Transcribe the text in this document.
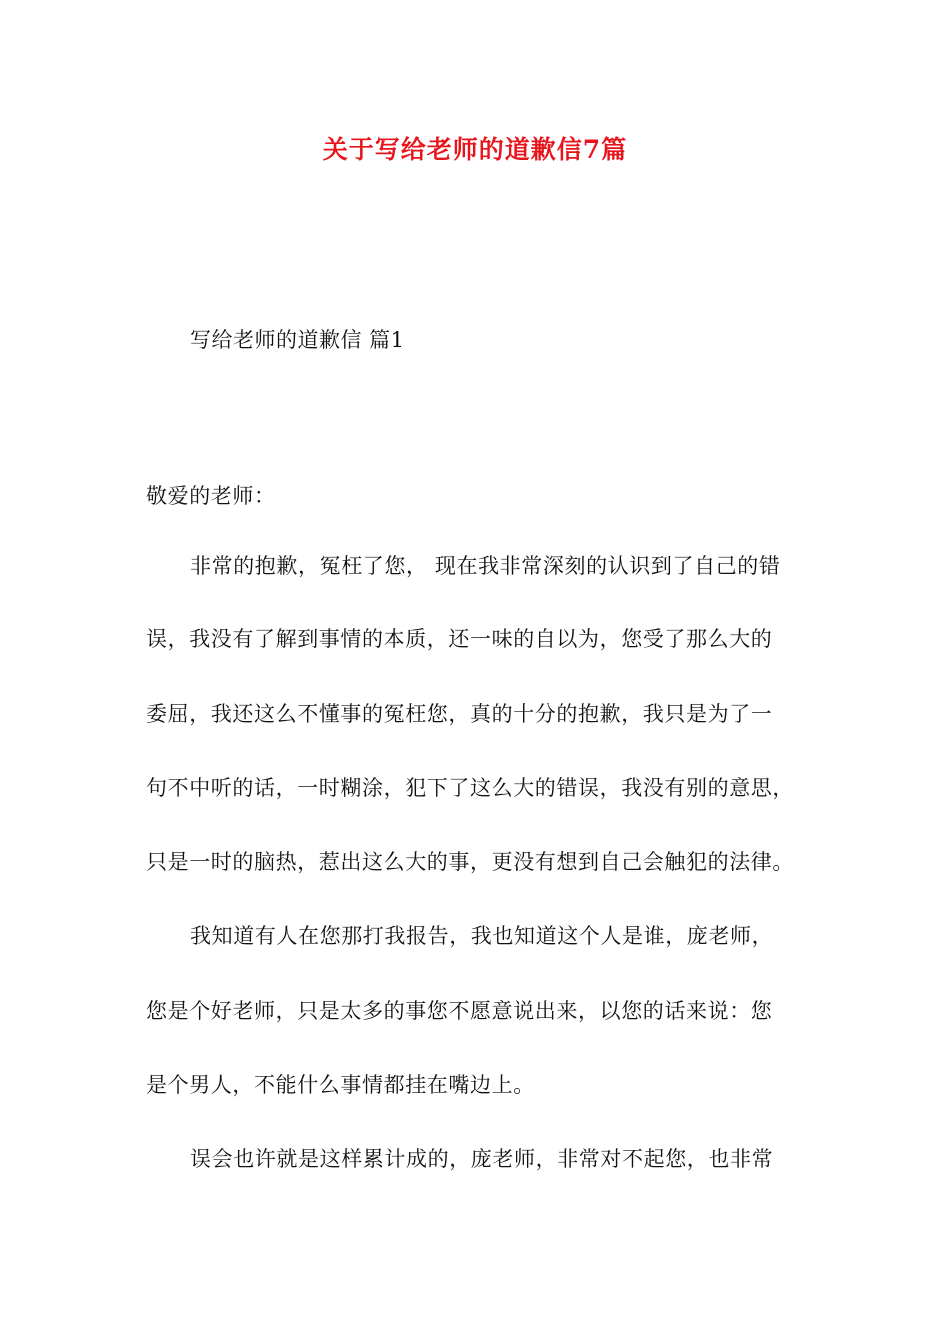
关于写给老师的道歉信7篇
写给老师的道歉信 篇1
敬爱的老师：
非常的抱歉，冤枉了您， 现在我非常深刻的认识到了自己的错
误，我没有了解到事情的本质，还一味的自以为，您受了那么大的
委屈，我还这么不懂事的冤枉您，真的十分的抱歉，我只是为了一
句不中听的话，一时糊涂，犯下了这么大的错误，我没有别的意思，
只是一时的脑热，惹出这么大的事，更没有想到自己会触犯的法律。
我知道有人在您那打我报告，我也知道这个人是谁，庞老师，
您是个好老师，只是太多的事您不愿意说出来，以您的话来说：您
是个男人，不能什么事情都挂在嘴边上。
误会也许就是这样累计成的，庞老师，非常对不起您，也非常
